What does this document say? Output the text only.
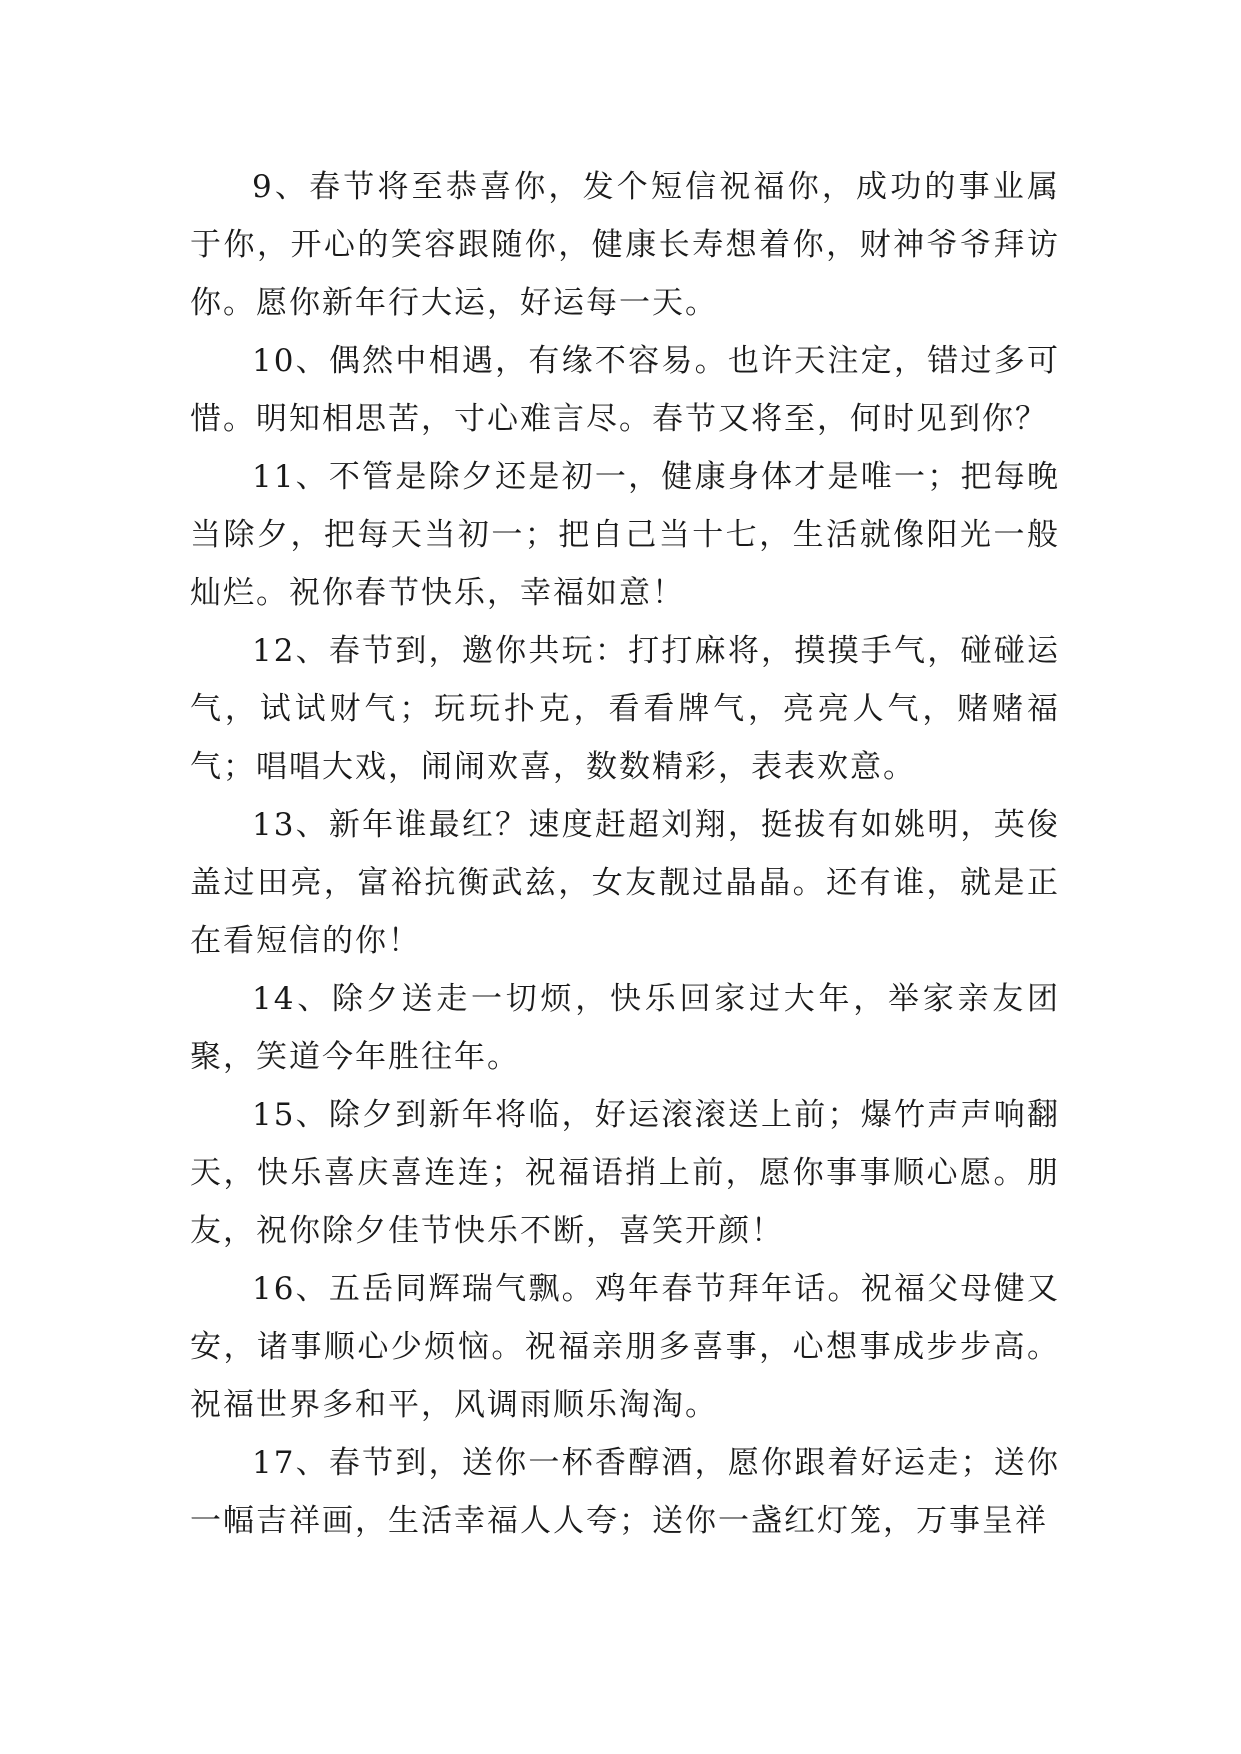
9、春节将至恭喜你，发个短信祝福你，成功的事业属于你，开心的笑容跟随你，健康长寿想着你，财神爷爷拜访你。愿你新年行大运，好运每一天。

10、偶然中相遇，有缘不容易。也许天注定，错过多可惜。明知相思苦，寸心难言尽。春节又将至，何时见到你？

11、不管是除夕还是初一，健康身体才是唯一；把每晚当除夕，把每天当初一；把自己当十七，生活就像阳光一般灿烂。祝你春节快乐，幸福如意！

12、春节到，邀你共玩：打打麻将，摸摸手气，碰碰运气，试试财气；玩玩扑克，看看牌气，亮亮人气，赌赌福气；唱唱大戏，闹闹欢喜，数数精彩，表表欢意。

13、新年谁最红？速度赶超刘翔，挺拔有如姚明，英俊盖过田亮，富裕抗衡武兹，女友靓过晶晶。还有谁，就是正在看短信的你！

14、除夕送走一切烦，快乐回家过大年，举家亲友团聚，笑道今年胜往年。

15、除夕到新年将临，好运滚滚送上前；爆竹声声响翻天，快乐喜庆喜连连；祝福语捎上前，愿你事事顺心愿。朋友，祝你除夕佳节快乐不断，喜笑开颜！

16、五岳同辉瑞气飘。鸡年春节拜年话。祝福父母健又安，诸事顺心少烦恼。祝福亲朋多喜事，心想事成步步高。祝福世界多和平，风调雨顺乐淘淘。

17、春节到，送你一杯香醇酒，愿你跟着好运走；送你一幅吉祥画，生活幸福人人夸；送你一盏红灯笼，万事呈祥
